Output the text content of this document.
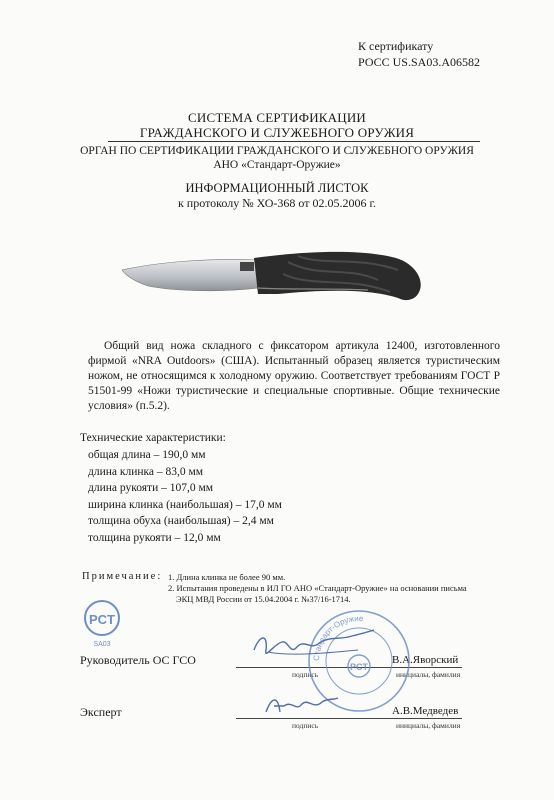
К сертификату
РОСС US.SA03.A06582
СИСТЕМА СЕРТИФИКАЦИИ
ГРАЖДАНСКОГО И СЛУЖЕБНОГО ОРУЖИЯ
ОРГАН ПО СЕРТИФИКАЦИИ ГРАЖДАНСКОГО И СЛУЖЕБНОГО ОРУЖИЯ
АНО «Стандарт-Оружие»
ИНФОРМАЦИОННЫЙ ЛИСТОК
к протоколу № ХО-368 от 02.05.2006 г.

Общий вид ножа складного с фиксатором артикула 12400, изготовленного фирмой «NRA Outdoors» (США). Испытанный образец является туристическим ножом, не относящимся к холодному оружию. Соответствует требованиям ГОСТ Р 51501-99 «Ножи туристические и специальные спортивные. Общие технические условия» (п.5.2).

Технические характеристики:
общая длина – 190,0 мм
длина клинка – 83,0 мм
длина рукояти – 107,0 мм
ширина клинка (наибольшая) – 17,0 мм
толщина обуха (наибольшая) – 2,4 мм
толщина рукояти – 12,0 мм
Примечание: 1. Длина клинка не более 90 мм.
2. Испытания проведены в ИЛ ГО АНО «Стандарт-Оружие» на основании письма
ЭКЦ МВД России от 15.04.2004 г. №37/16-1714.
PCT
SA03
Руководитель ОС ГСО	В.А.Яворский
подпись	инициалы, фамилия
Эксперт	А.В.Медведев
подпись	инициалы, фамилия
Стандарт-Оружие
PCT
